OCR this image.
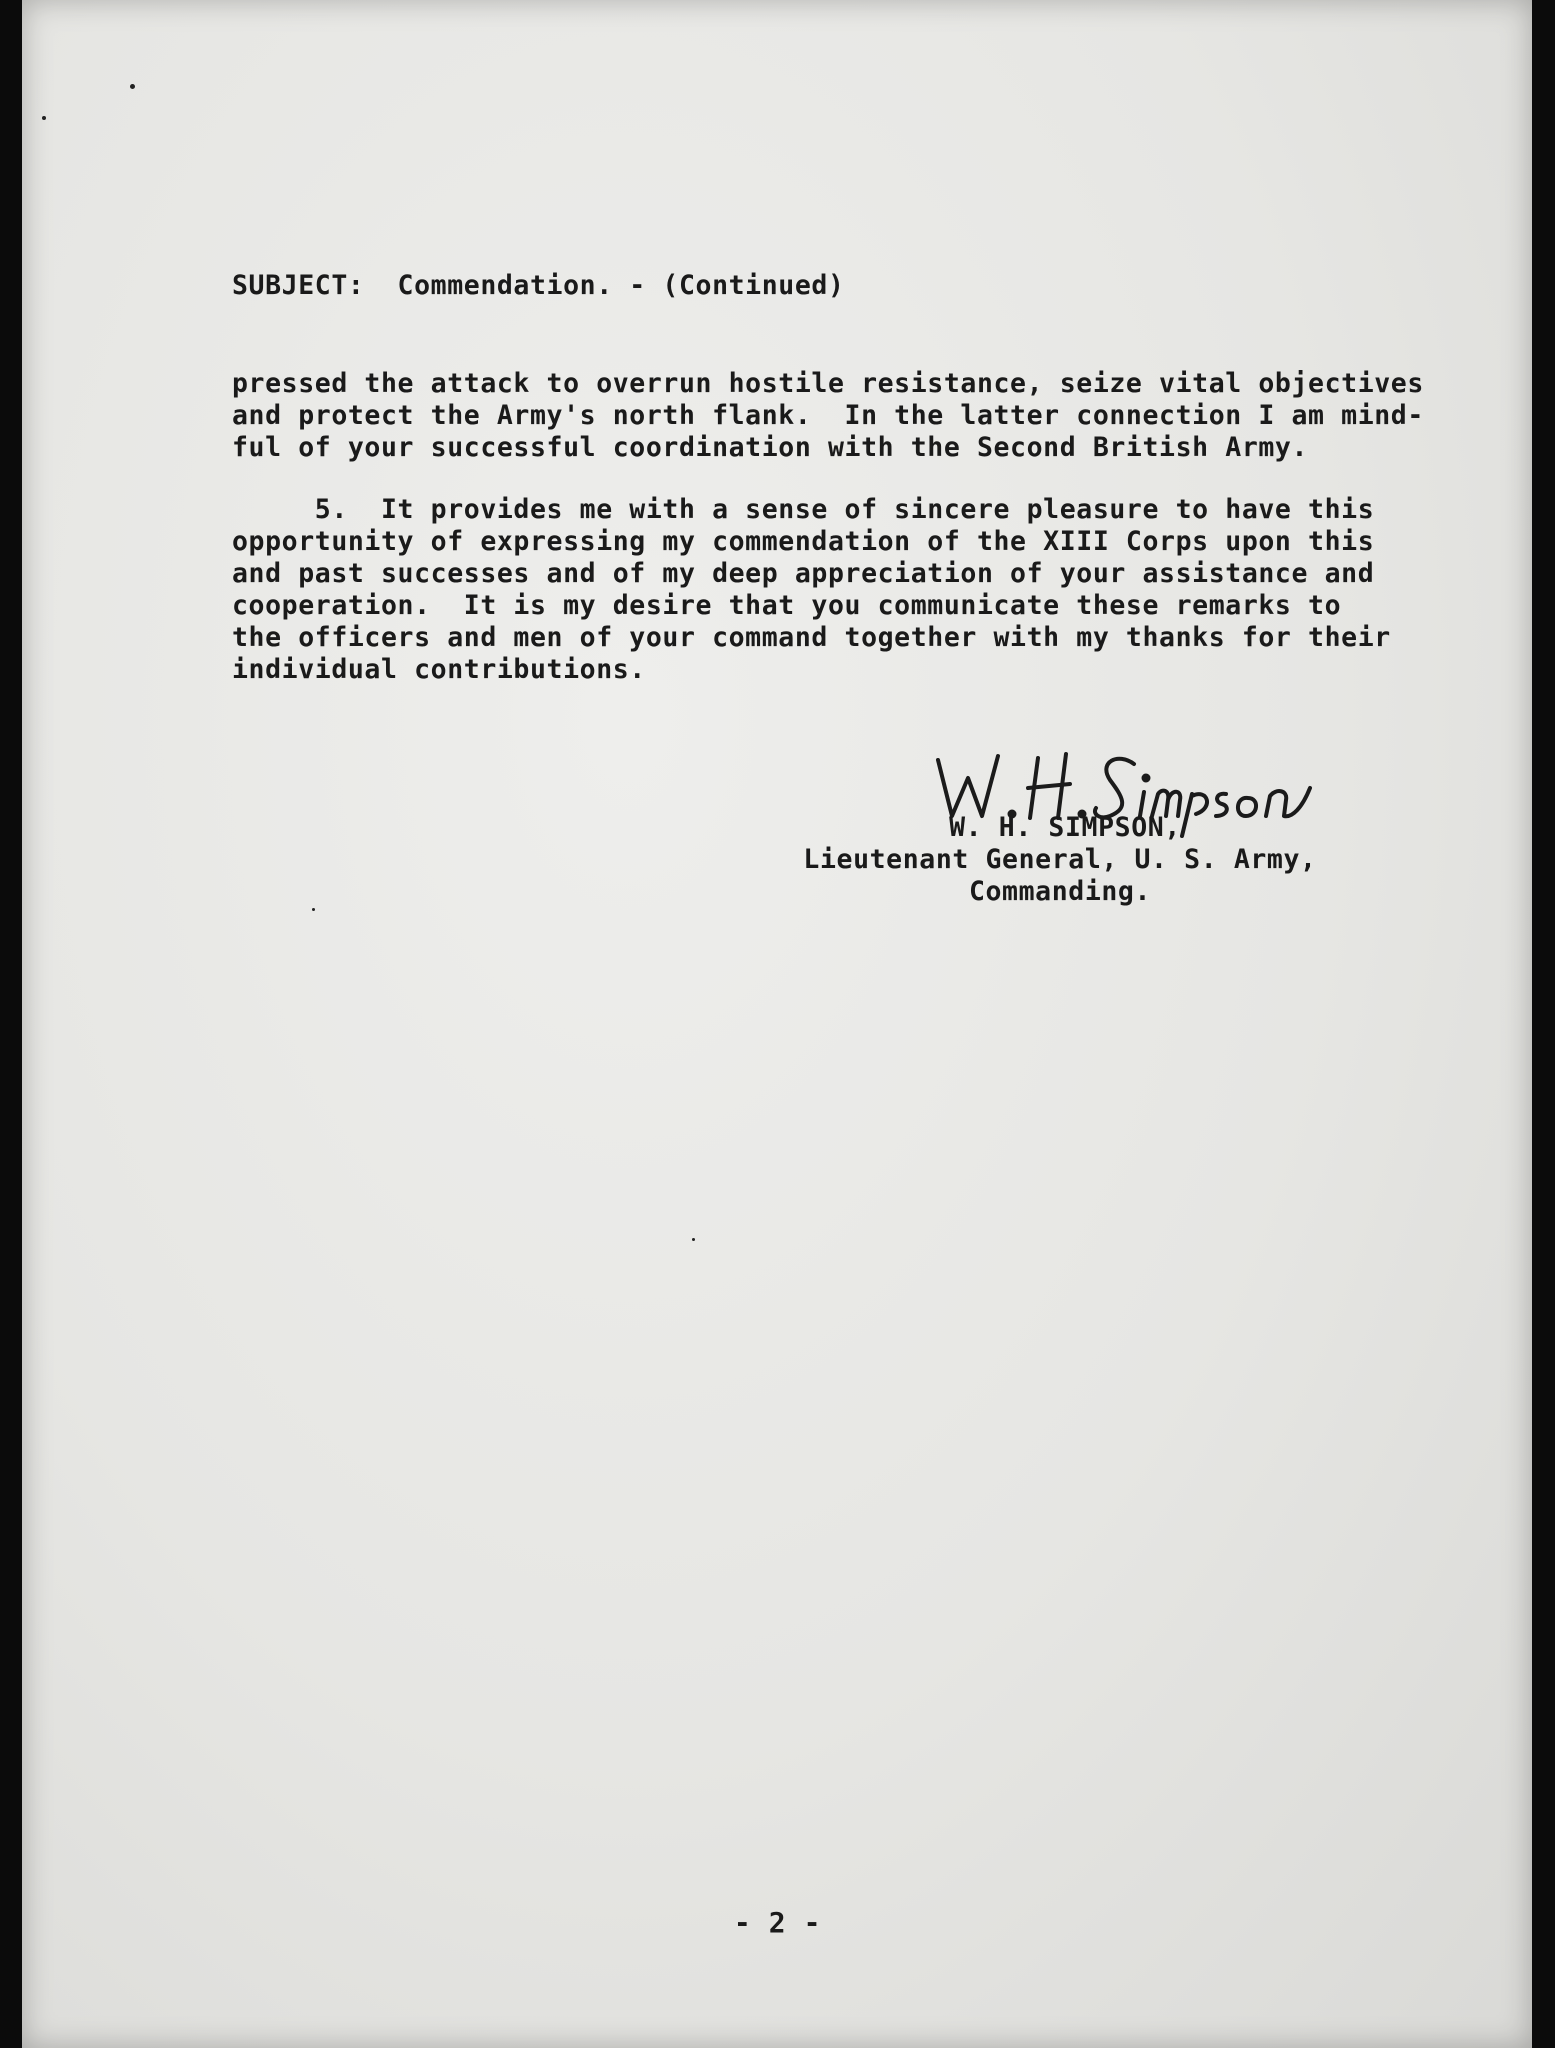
SUBJECT:  Commendation. - (Continued)
pressed the attack to overrun hostile resistance, seize vital objectives
and protect the Army's north flank.  In the latter connection I am mind-
ful of your successful coordination with the Second British Army.
5.  It provides me with a sense of sincere pleasure to have this
opportunity of expressing my commendation of the XIII Corps upon this
and past successes and of my deep appreciation of your assistance and
cooperation.  It is my desire that you communicate these remarks to
the officers and men of your command together with my thanks for their
individual contributions.
W. H. SIMPSON,
Lieutenant General, U. S. Army,
Commanding.
- 2 -
